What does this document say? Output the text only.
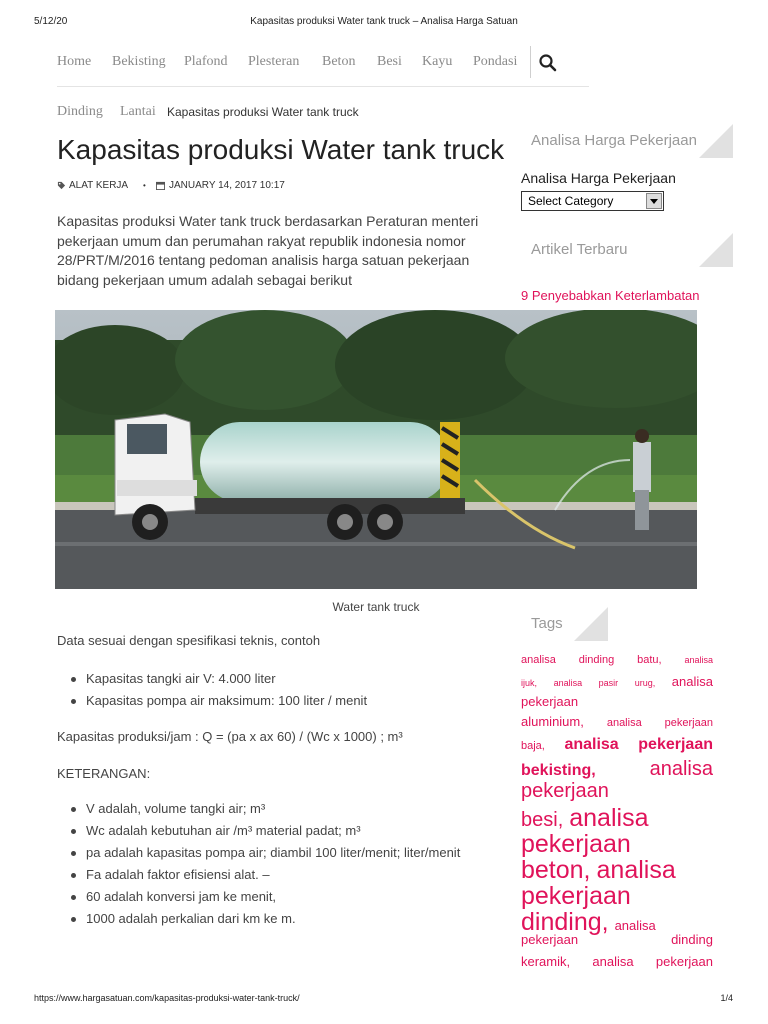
5/12/20	Kapasitas produksi Water tank truck – Analisa Harga Satuan
Home Bekisting Plafond Plesteran Beton Besi Kayu Pondasi
Dinding Lantai Kapasitas produksi Water tank truck
Kapasitas produksi Water tank truck
ALAT KERJA • JANUARY 14, 2017 10:17
Kapasitas produksi Water tank truck berdasarkan Peraturan menteri
pekerjaan umum dan perumahan rakyat republik indonesia nomor
28/PRT/M/2016 tentang pedoman analisis harga satuan pekerjaan
bidang pekerjaan umum adalah sebagai berikut
Water tank truck
Data sesuai dengan spesifikasi teknis, contoh
Kapasitas tangki air V: 4.000 liter
Kapasitas pompa air maksimum: 100 liter / menit
Kapasitas produksi/jam : Q = (pa x ax 60) / (Wc x 1000) ; m³
KETERANGAN:
V adalah, volume tangki air; m³
Wc adalah kebutuhan air /m³ material padat; m³
pa adalah kapasitas pompa air; diambil 100 liter/menit; liter/menit
Fa adalah faktor efisiensi alat. –
60 adalah konversi jam ke menit,
1000 adalah perkalian dari km ke m.
Analisa Harga Pekerjaan
Analisa Harga Pekerjaan
Select Category
Artikel Terbaru
9 Penyebabkan Keterlambatan
Tags
analisa dinding batu,	analisa
ijuk, analisa pasir urug, analisa
pekerjaan
aluminium, analisa pekerjaan
baja, analisa pekerjaan
bekisting,	analisa
pekerjaan
besi, analisa
pekerjaan
beton, analisa
pekerjaan
dinding, analisa
pekerjaan	dinding
keramik, analisa pekerjaan
https://www.hargasatuan.com/kapasitas-produksi-water-tank-truck/	1/4
